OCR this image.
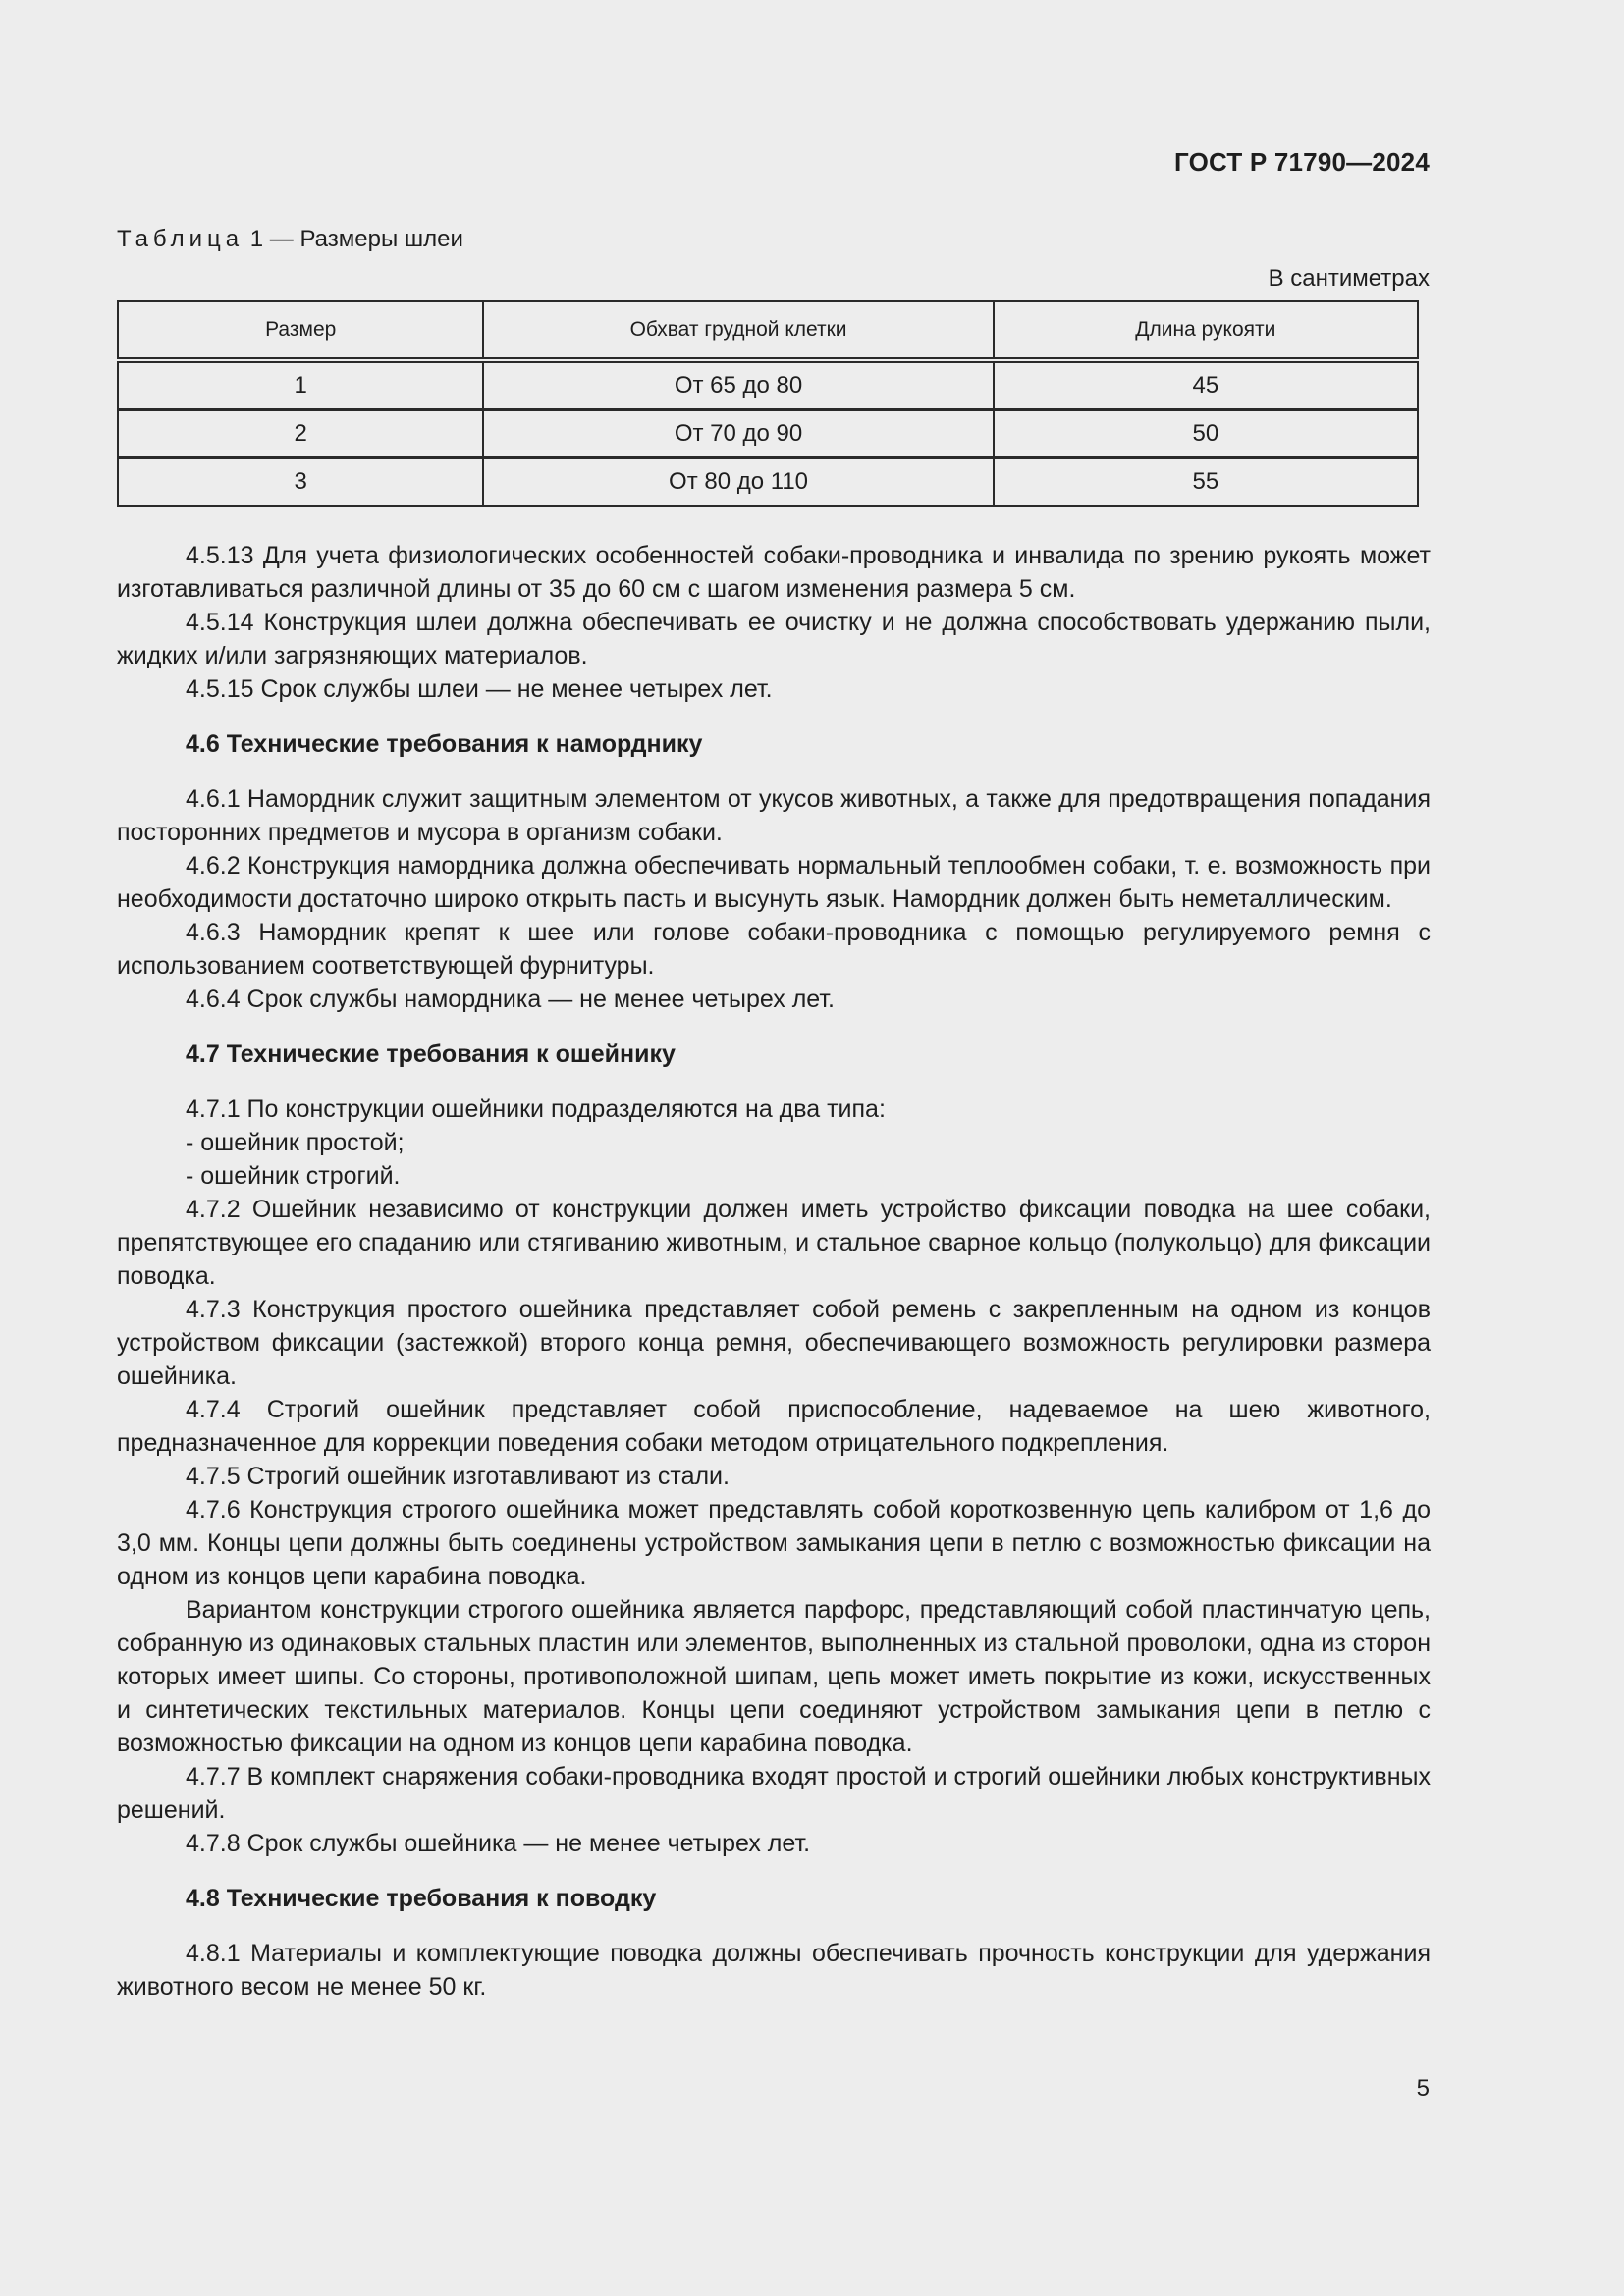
ГОСТ Р 71790—2024
Таблица 1 — Размеры шлеи
В сантиметрах
Размер	Обхват грудной клетки	Длина рукояти
1	От 65 до 80	45
2	От 70 до 90	50
3	От 80 до 110	55

4.5.13 Для учета физиологических особенностей собаки-проводника и инвалида по зрению рукоять может изготавливаться различной длины от 35 до 60 см с шагом изменения размера 5 см.

4.5.14 Конструкция шлеи должна обеспечивать ее очистку и не должна способствовать удержанию пыли, жидких и/или загрязняющих материалов.

4.5.15 Срок службы шлеи — не менее четырех лет.

4.6 Технические требования к наморднику

4.6.1 Намордник служит защитным элементом от укусов животных, а также для предотвращения попадания посторонних предметов и мусора в организм собаки.

4.6.2 Конструкция намордника должна обеспечивать нормальный теплообмен собаки, т. е. возможность при необходимости достаточно широко открыть пасть и высунуть язык. Намордник должен быть неметаллическим.

4.6.3 Намордник крепят к шее или голове собаки-проводника с помощью регулируемого ремня с использованием соответствующей фурнитуры.

4.6.4 Срок службы намордника — не менее четырех лет.

4.7 Технические требования к ошейнику

4.7.1 По конструкции ошейники подразделяются на два типа:

- ошейник простой;

- ошейник строгий.

4.7.2 Ошейник независимо от конструкции должен иметь устройство фиксации поводка на шее собаки, препятствующее его спаданию или стягиванию животным, и стальное сварное кольцо (полукольцо) для фиксации поводка.

4.7.3 Конструкция простого ошейника представляет собой ремень с закрепленным на одном из концов устройством фиксации (застежкой) второго конца ремня, обеспечивающего возможность регулировки размера ошейника.

4.7.4 Строгий ошейник представляет собой приспособление, надеваемое на шею животного, предназначенное для коррекции поведения собаки методом отрицательного подкрепления.

4.7.5 Строгий ошейник изготавливают из стали.

4.7.6 Конструкция строгого ошейника может представлять собой короткозвенную цепь калибром от 1,6 до 3,0 мм. Концы цепи должны быть соединены устройством замыкания цепи в петлю с возможностью фиксации на одном из концов цепи карабина поводка.

Вариантом конструкции строгого ошейника является парфорс, представляющий собой пластинчатую цепь, собранную из одинаковых стальных пластин или элементов, выполненных из стальной проволоки, одна из сторон которых имеет шипы. Со стороны, противоположной шипам, цепь может иметь покрытие из кожи, искусственных и синтетических текстильных материалов. Концы цепи соединяют устройством замыкания цепи в петлю с возможностью фиксации на одном из концов цепи карабина поводка.

4.7.7 В комплект снаряжения собаки-проводника входят простой и строгий ошейники любых конструктивных решений.

4.7.8 Срок службы ошейника — не менее четырех лет.

4.8 Технические требования к поводку

4.8.1 Материалы и комплектующие поводка должны обеспечивать прочность конструкции для удержания животного весом не менее 50 кг.

5
